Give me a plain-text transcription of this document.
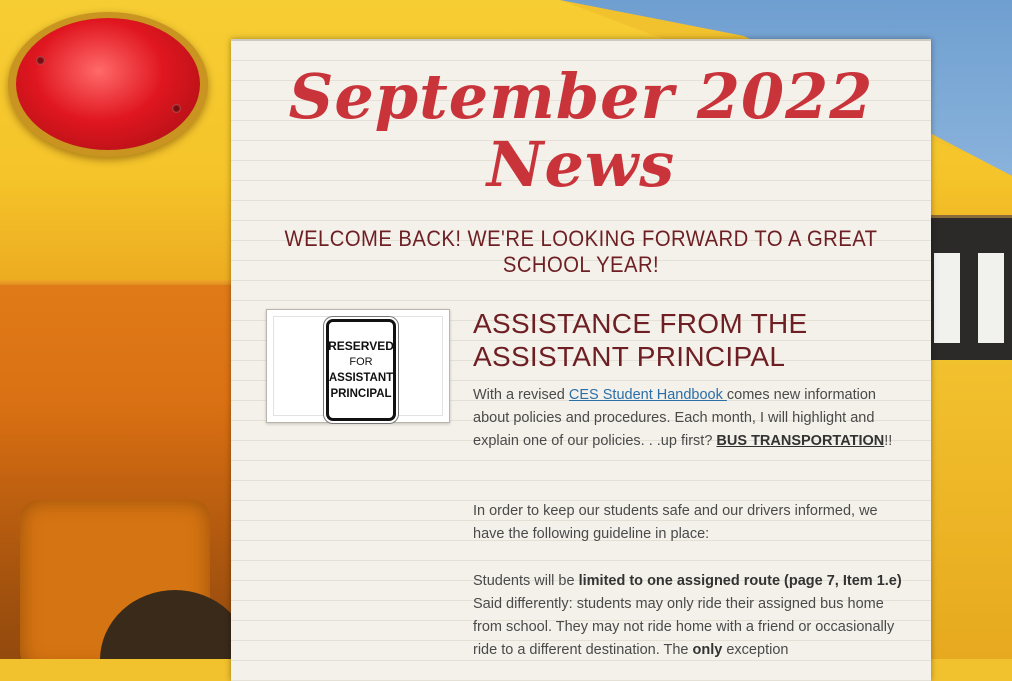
September 2022
News
WELCOME BACK! WE'RE LOOKING FORWARD TO A GREAT SCHOOL YEAR!
RESERVED
FOR
ASSISTANT
PRINCIPAL
ASSISTANCE FROM THE ASSISTANT PRINCIPAL

With a revised CES Student Handbook comes new information about policies and procedures. Each month, I will highlight and explain one of our policies. . .up first? BUS TRANSPORTATION!!

In order to keep our students safe and our drivers informed, we have the following guideline in place:

Students will be limited to one assigned route (page 7, Item 1.e) Said differently: students may only ride their assigned bus home from school. They may not ride home with a friend or occasionally ride to a different destination. The only exception
